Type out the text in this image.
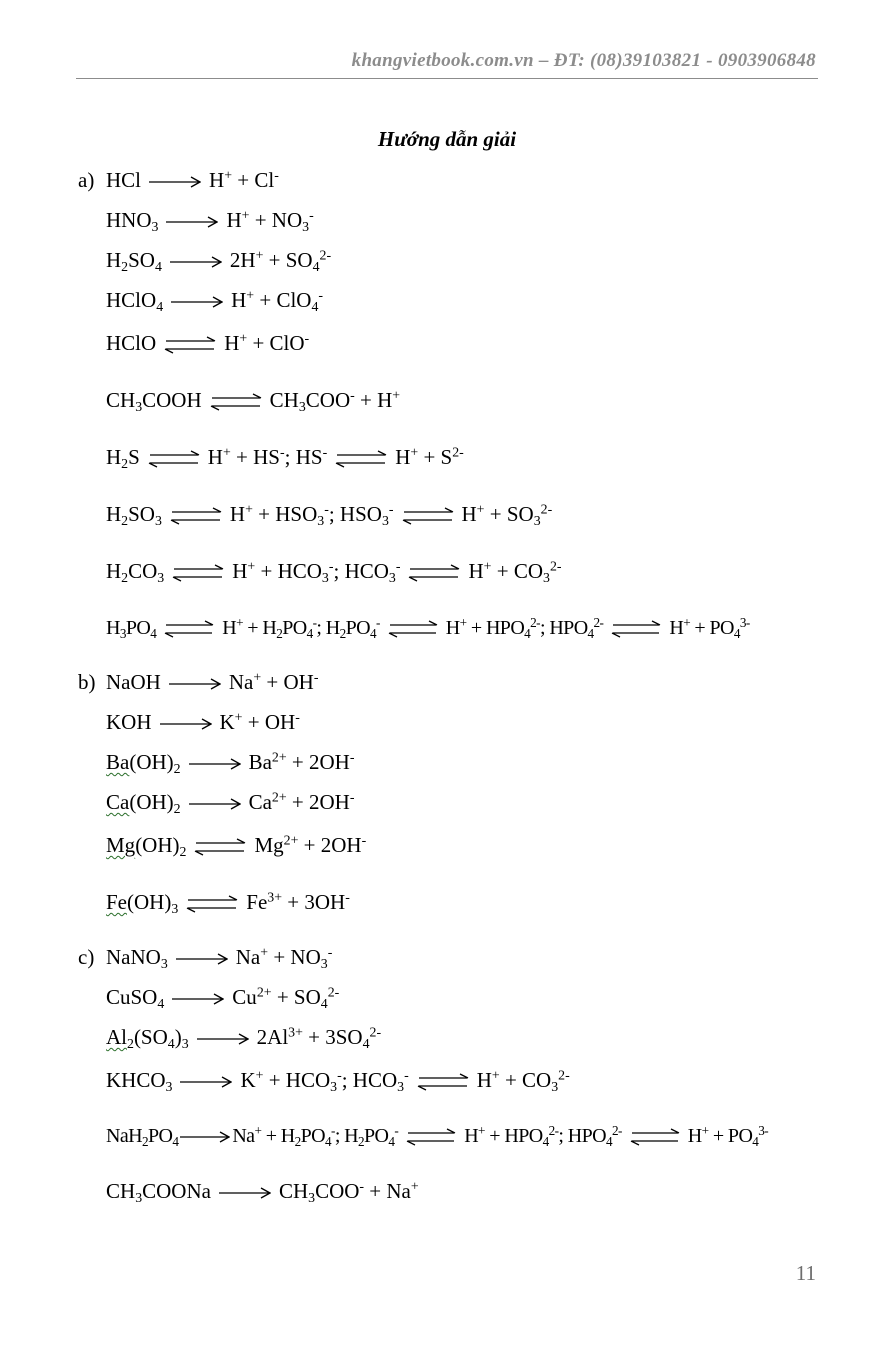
khangvietbook.com.vn – ĐT: (08)39103821 - 0903906848
Hướng dẫn giải
a) HCl	H+ + Cl-
$HNO_3$	$H^+ + NO_3^-$
$H_2SO_4$	$2H^+ + SO_4^{2-}$
HClO$_4$	H+ + ClO$_4$-
HClO ⇌ H+ + ClO-
$CH_3COOH$ ⇌ $CH_3COO^- + H^+$
$H_2S$ ⇌ H+ + HS-; HS- ⇌ $H^+ + S^{2-}$
$H_2SO_3$ ⇌ $H^+ + HSO_3^-$; $HSO_3^-$ ⇌ $H^+ + SO_3^{2-}$
$H_2CO_3$ ⇌ $H^+ + HCO_3^-$; $HCO_3^-$ ⇌ $H^+ + CO_3^{2-}$
$H_3PO_4$ ⇌ $H^+ + H_2PO_4^-$; $H_2PO_4^-$ ⇌ $H^+ + HPO_4^{2-}$; $HPO_4^{2-}$ ⇌ $H^+ + PO_4^{3-}$
b) NaOH	Na+ + OH-
KOH	K+ + OH-
$Ba(OH)_2$	$Ba^{2+} + 2OH^-$
$Ca(OH)_2$	$Ca^{2+} + 2OH^-$
$Mg(OH)_2$ ⇌ $Mg^{2+} + 2OH^-$
$Fe(OH)_3$ ⇌ $Fe^{3+} + 3OH^-$
c) NaNO$_3$	$Na^+ + NO_3^-$
CuSO$_4$	$Cu^{2+} + SO_4^{2-}$
$Al_2(SO_4)_3$	$2Al^{3+} + 3SO_4^{2-}$
$KHCO_3$	$K^+ + HCO_3^-$; $HCO_3^-$ ⇌ $H^+ + CO_3^{2-}$
$NaH_2PO_4$	$Na^+ + H_2PO_4^-$; $H_2PO_4^-$ ⇌ $H^+ + HPO_4^{2-}$; $HPO_4^{2-}$ ⇌ $H^+ + PO_4^{3-}$
$CH_3COONa$	$CH_3COO^- + Na^+$
11
